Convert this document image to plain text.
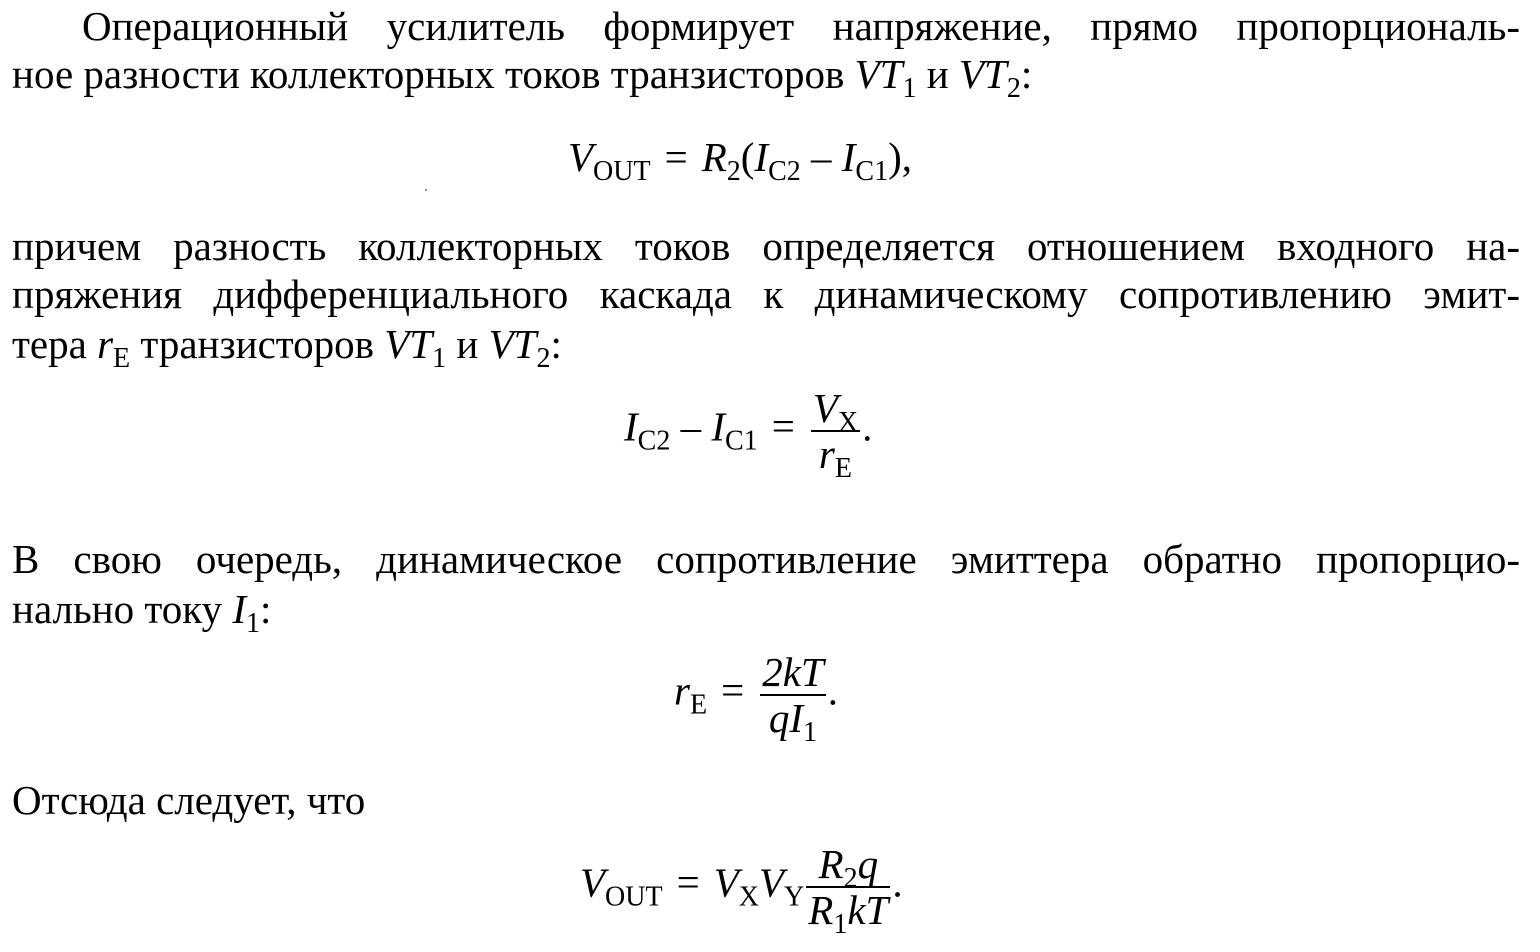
Операционный усилитель формирует напряжение, прямо пропорциональ-
ное разности коллекторных токов транзисторов $VT_1$ и $VT_2$:
$V_{OUT} = R_2(I_{C2} - I_{C1})$,
причем разность коллекторных токов определяется отношением входного на-
пряжения дифференциального каскада к динамическому сопротивлению эмит-
тера $r_E$ транзисторов $VT_1$ и $VT_2$:
$I_{C2} - I_{C1} = \frac{V_X}{r_E}$ .
В свою очередь, динамическое сопротивление эмиттера обратно пропорцио-
нально току $I_1$:
$r_E = \frac{2kT}{qI_1}$ .
Отсюда следует, что
$V_{OUT} = V_XV_Y \frac{R_2q}{R_1kT}$ .
